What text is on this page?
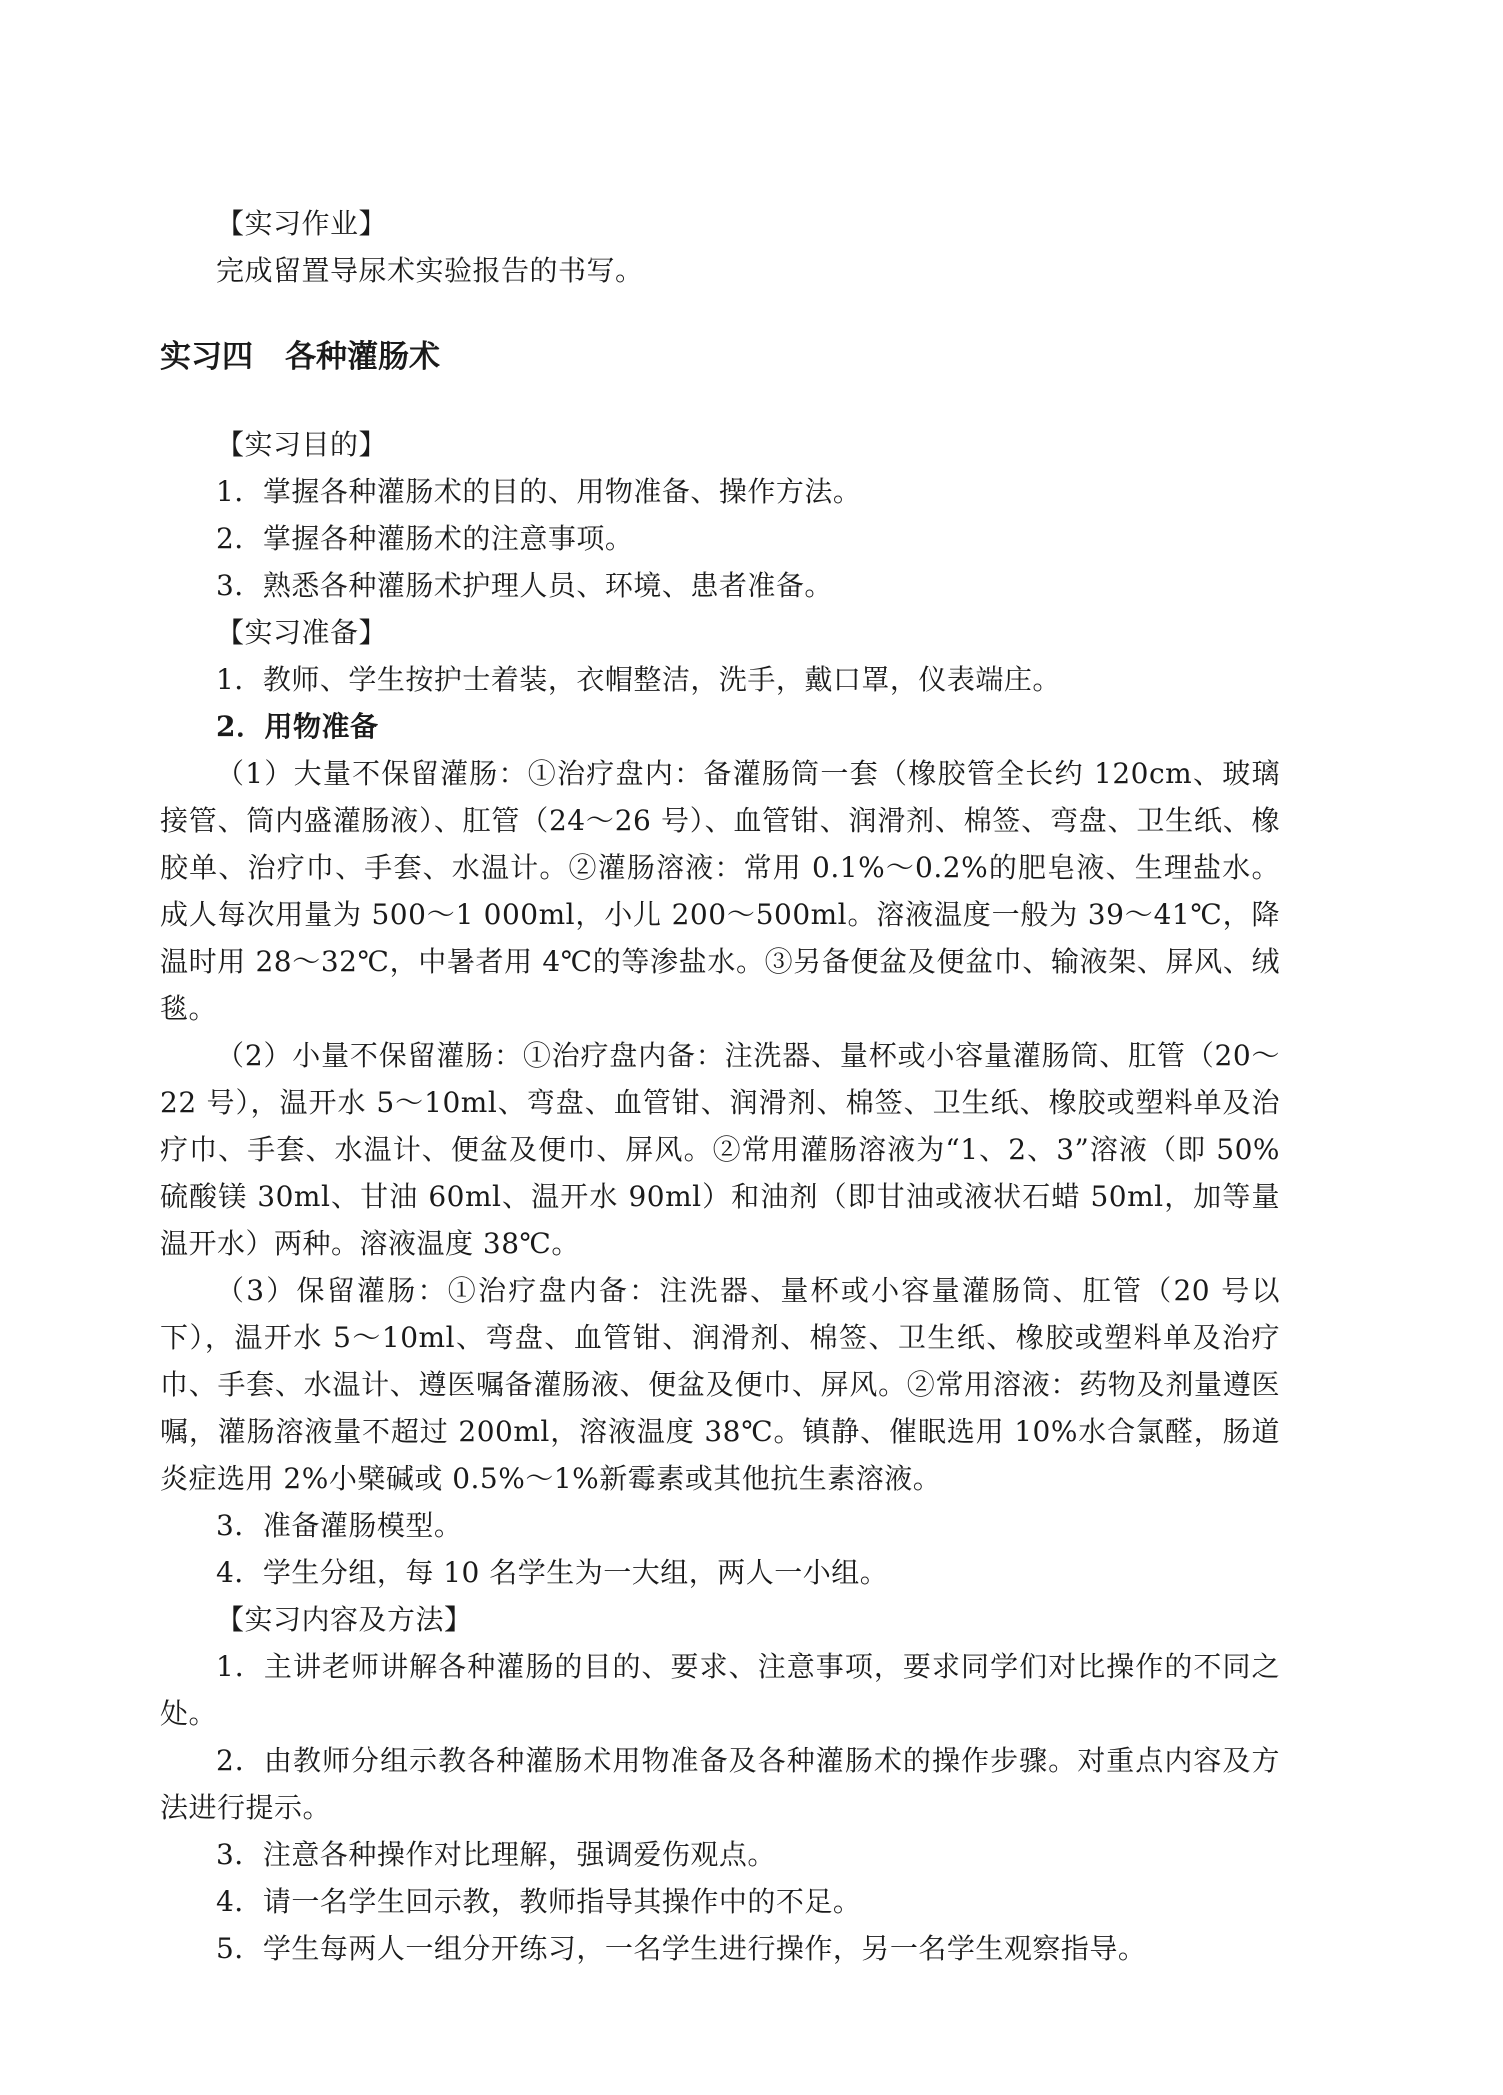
【实习作业】
完成留置导尿术实验报告的书写。
实习四 各种灌肠术
【实习目的】
1．掌握各种灌肠术的目的、用物准备、操作方法。
2．掌握各种灌肠术的注意事项。
3．熟悉各种灌肠术护理人员、环境、患者准备。
【实习准备】
1．教师、学生按护士着装，衣帽整洁，洗手，戴口罩，仪表端庄。
2．用物准备
（1）大量不保留灌肠：①治疗盘内：备灌肠筒一套（橡胶管全长约 120cm、玻璃接管、筒内盛灌肠液）、肛管（24～26 号）、血管钳、润滑剂、棉签、弯盘、卫生纸、橡胶单、治疗巾、手套、水温计。②灌肠溶液：常用 0.1%～0.2%的肥皂液、生理盐水。成人每次用量为 500～1 000ml，小儿 200～500ml。溶液温度一般为 39～41℃，降温时用 28～32℃，中暑者用 4℃的等渗盐水。③另备便盆及便盆巾、输液架、屏风、绒毯。
（2）小量不保留灌肠：①治疗盘内备：注洗器、量杯或小容量灌肠筒、肛管（20～22 号），温开水 5～10ml、弯盘、血管钳、润滑剂、棉签、卫生纸、橡胶或塑料单及治疗巾、手套、水温计、便盆及便巾、屏风。②常用灌肠溶液为“1、2、3”溶液（即 50%硫酸镁 30ml、甘油 60ml、温开水 90ml）和油剂（即甘油或液状石蜡 50ml，加等量温开水）两种。溶液温度 38℃。
（3）保留灌肠：①治疗盘内备：注洗器、量杯或小容量灌肠筒、肛管（20 号以下），温开水 5～10ml、弯盘、血管钳、润滑剂、棉签、卫生纸、橡胶或塑料单及治疗巾、手套、水温计、遵医嘱备灌肠液、便盆及便巾、屏风。②常用溶液：药物及剂量遵医嘱，灌肠溶液量不超过 200ml，溶液温度 38℃。镇静、催眠选用 10%水合氯醛，肠道炎症选用 2%小檗碱或 0.5%～1%新霉素或其他抗生素溶液。
3．准备灌肠模型。
4．学生分组，每 10 名学生为一大组，两人一小组。
【实习内容及方法】
1．主讲老师讲解各种灌肠的目的、要求、注意事项，要求同学们对比操作的不同之处。
2．由教师分组示教各种灌肠术用物准备及各种灌肠术的操作步骤。对重点内容及方法进行提示。
3．注意各种操作对比理解，强调爱伤观点。
4．请一名学生回示教，教师指导其操作中的不足。
5．学生每两人一组分开练习，一名学生进行操作，另一名学生观察指导。
